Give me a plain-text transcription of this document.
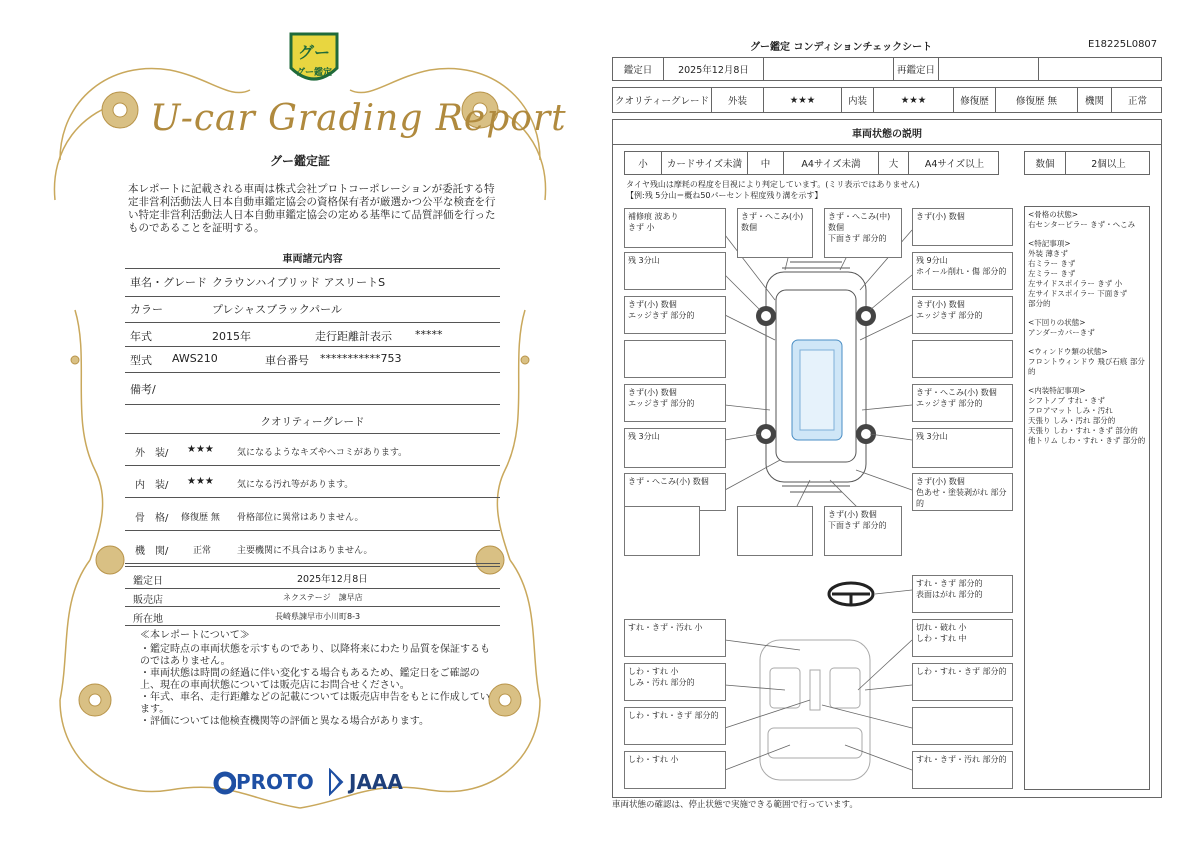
グー
グー鑑定
U-car Grading Report
グー鑑定証
本レポートに記載される車両は株式会社プロトコーポレーションが委託する特定非営利活動法人日本自動車鑑定協会の資格保有者が厳選かつ公平な検査を行い特定非営利活動法人日本自動車鑑定協会の定める基準にて品質評価を行ったものであることを証明する。
車両諸元内容
車名・グレード クラウンハイブリッド アスリートS
カラー	プレシャスブラックパール
年式	2015年	走行距離計表示 *****
型式 AWS210	車台番号 ***********753
備考/
クオリティーグレード
外　装/ ★★★	気になるようなキズやヘコミがあります。
内　装/ ★★★	気になる汚れ等があります。
骨　格/ 修復歴 無 骨格部位に異常はありません。
機　関/	正常	主要機関に不具合はありません。
鑑定日	2025年12月8日
販売店	ネクステージ　諫早店
所在地	長崎県諫早市小川町8-3
≪本レポートについて≫
・鑑定時点の車両状態を示すものであり、以降将来にわたり品質を保証するものではありません。
・車両状態は時間の経過に伴い変化する場合もあるため、鑑定日をご確認の上、現在の車両状態については販売店にお問合せください。
・年式、車名、走行距離などの記載については販売店申告をもとに作成しています。
・評価については他検査機関等の評価と異なる場合があります。
PROTO JAAA
グー鑑定 コンディションチェックシート	E18225L0807
鑑定日	2025年12月8日	再鑑定日
クオリティーグレード	外装	★★★	内装	★★★	修復歴	修復歴 無	機関	正常
車両状態の説明
小	カードサイズ未満	中	A4サイズ未満	大	A4サイズ以上	数個	2個以上
タイヤ残山は摩耗の程度を目視により判定しています。(ミリ表示ではありません)
【例:残 5分山＝概ね50パーセント程度残り溝を示す】
補修痕 波あり
きず 小
きず・へこみ(小) 数個
きず・へこみ(中) 数個
下面きず 部分的
きず(小) 数個
残 3分山	残 9分山
ホイール削れ・傷 部分的
きず(小) 数個
エッジきず 部分的
きず(小) 数個
エッジきず 部分的
きず(小) 数個
エッジきず 部分的
きず・へこみ(小) 数個
エッジきず 部分的
残 3分山	残 3分山
きず・へこみ(小) 数個	きず(小) 数個
色あせ・塗装剥がれ 部分的
きず(小) 数個
下面きず 部分的
すれ・きず 部分的
表面はがれ 部分的
すれ・きず・汚れ 小	切れ・破れ 小
しわ・すれ 中
しわ・すれ 小
しみ・汚れ 部分的
しわ・すれ・きず 部分的
しわ・すれ・きず 部分的
しわ・すれ 小	すれ・きず・汚れ 部分的
<骨格の状態>
右センターピラー きず・へこみ
<特記事項>
外装 薄きず
右ミラー きず
左ミラー きず
左サイドスポイラー きず 小
左サイドスポイラー 下面きず
部分的
<下回りの状態>
アンダーカバーきず
<ウィンドウ類の状態>
フロントウィンドウ 飛び石痕 部分的
<内装特記事項>
シフトノブ すれ・きず
フロアマット しみ・汚れ
天張り しみ・汚れ 部分的
天張り しわ・すれ・きず 部分的
他トリム しわ・すれ・きず 部分的
車両状態の確認は、停止状態で実施できる範囲で行っています。
